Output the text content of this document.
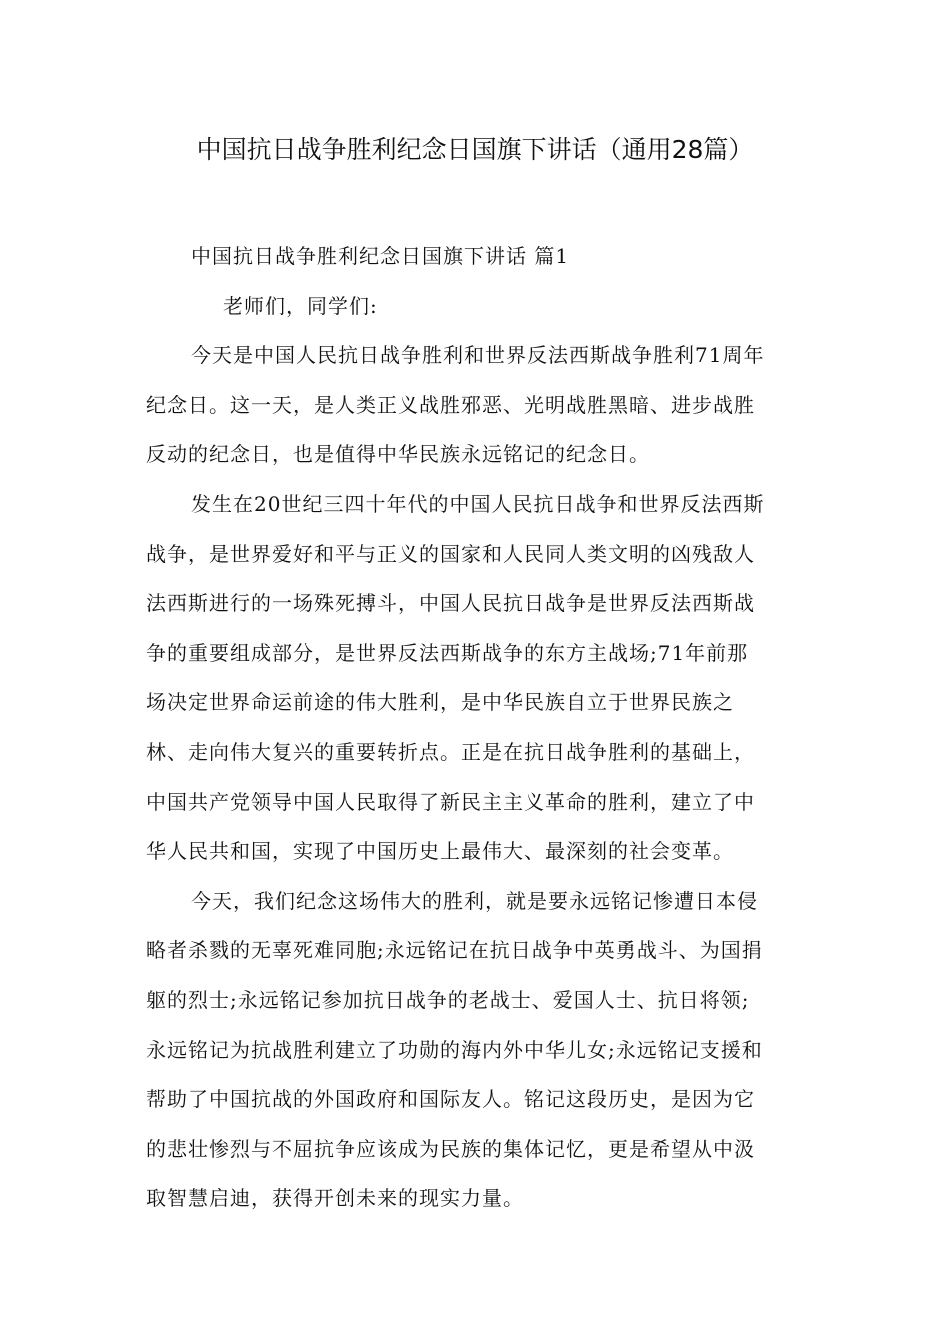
中国抗日战争胜利纪念日国旗下讲话（通用28篇）

中国抗日战争胜利纪念日国旗下讲话 篇1

老师们，同学们:

今天是中国人民抗日战争胜利和世界反法西斯战争胜利71周年
纪念日。这一天，是人类正义战胜邪恶、光明战胜黑暗、进步战胜
反动的纪念日，也是值得中华民族永远铭记的纪念日。

发生在20世纪三四十年代的中国人民抗日战争和世界反法西斯
战争，是世界爱好和平与正义的国家和人民同人类文明的凶残敌人
法西斯进行的一场殊死搏斗，中国人民抗日战争是世界反法西斯战
争的重要组成部分，是世界反法西斯战争的东方主战场;71年前那
场决定世界命运前途的伟大胜利，是中华民族自立于世界民族之
林、走向伟大复兴的重要转折点。正是在抗日战争胜利的基础上，
中国共产党领导中国人民取得了新民主主义革命的胜利，建立了中
华人民共和国，实现了中国历史上最伟大、最深刻的社会变革。

今天，我们纪念这场伟大的胜利，就是要永远铭记惨遭日本侵
略者杀戮的无辜死难同胞;永远铭记在抗日战争中英勇战斗、为国捐
躯的烈士;永远铭记参加抗日战争的老战士、爱国人士、抗日将领;
永远铭记为抗战胜利建立了功勋的海内外中华儿女;永远铭记支援和
帮助了中国抗战的外国政府和国际友人。铭记这段历史，是因为它
的悲壮惨烈与不屈抗争应该成为民族的集体记忆，更是希望从中汲
取智慧启迪，获得开创未来的现实力量。
